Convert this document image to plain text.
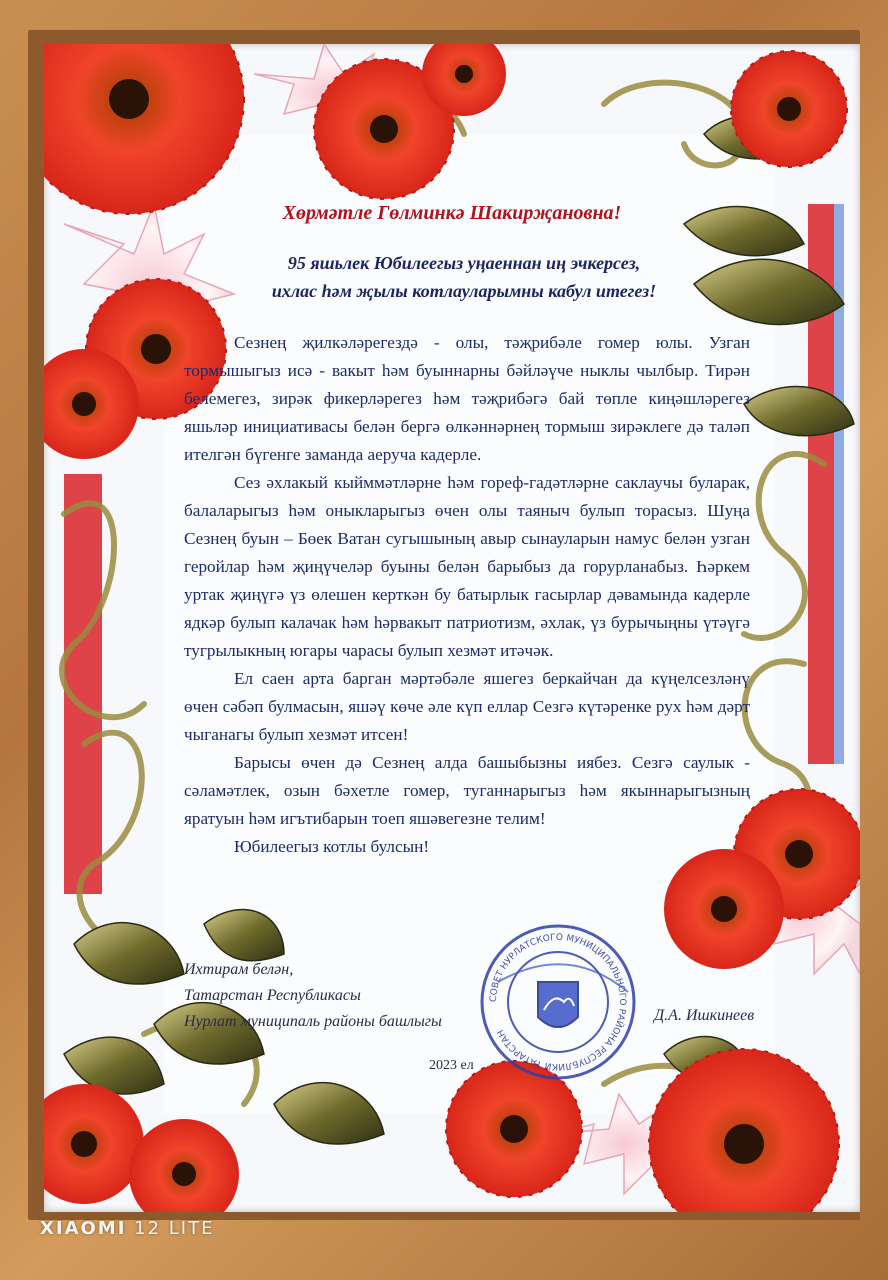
Хөрмәтле Гөлминкә Шакирҗановна!
95 яшьлек Юбилеегыз уңаеннан иң эчкерсез,
ихлас һәм җылы котлауларымны кабул итегез!

Сезнең җилкәләрегездә - олы, тәҗрибәле гомер юлы. Узган тормышыгыз исә - вакыт һәм буыннарны бәйләүче ныклы чылбыр. Тирән белемегез, зирәк фикерләрегез һәм тәҗрибәгә бай төпле киңәшләрегез яшьләр инициативасы белән бергә өлкәннәрнең тормыш зирәклеге дә таләп ителгән бүгенге заманда аеруча кадерле.

Сез әхлакый кыйммәтләрне һәм гореф-гадәтләрне саклаучы буларак, балаларыгыз һәм оныкларыгыз өчен олы таяныч булып торасыз. Шуңа Сезнең буын – Бөек Ватан сугышының авыр сынауларын намус белән узган геройлар һәм җиңүчеләр буыны белән барыбыз да горурланабыз. Һәркем уртак җиңүгә үз өлешен керткән бу батырлык гасырлар дәвамында кадерле ядкәр булып калачак һәм һәрвакыт патриотизм, әхлак, үз бурычыңны үтәүгә тугрылыкның югары чарасы булып хезмәт итәчәк.

Ел саен арта барган мәртәбәле яшегез беркайчан да күңелсезләнү өчен сәбәп булмасын, яшәү көче әле күп еллар Сезгә күтәренке рух һәм дәрт чыганагы булып хезмәт итсен!

Барысы өчен дә Сезнең алда башыбызны иябез. Сезгә саулык - сәламәтлек, озын бәхетле гомер, туганнарыгыз һәм якыннарыгызның яратуын һәм игътибарын тоеп яшәвегезне телим!

Юбилеегыз котлы булсын!

Ихтирам белән,
Татарстан Республикасы
Нурлат муниципаль районы башлыгы
СОВЕТ НУРЛАТСКОГО МУНИЦИПАЛЬНОГО РАЙОНА РЕСПУБЛИКИ ТАТАРСТАН
Д.А. Ишкинеев
2023 ел
XIAOMI 12 LITE
